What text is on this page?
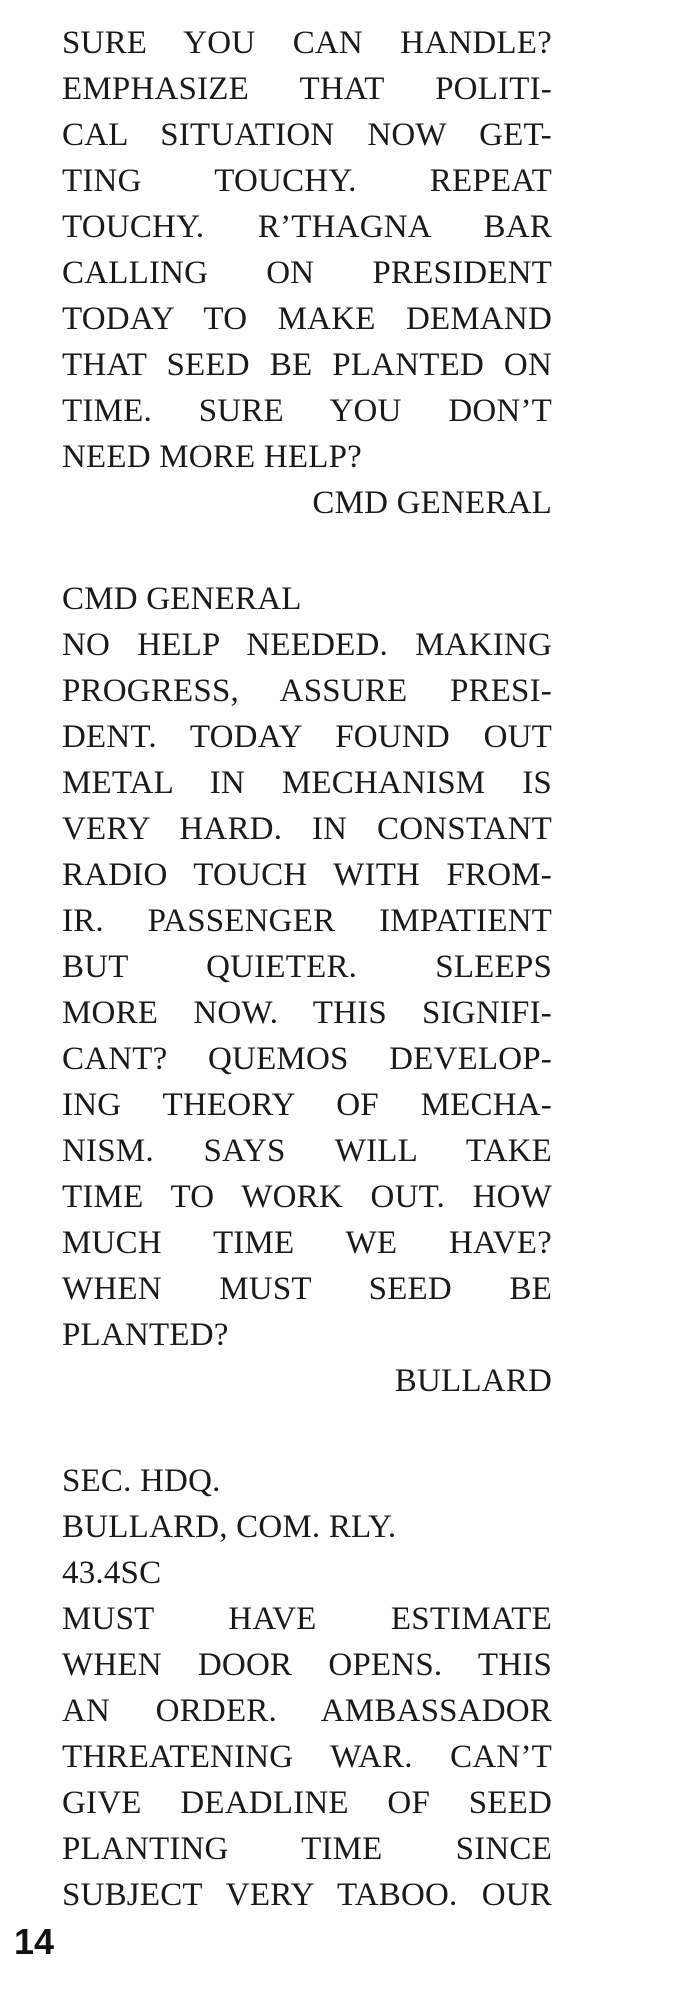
SURE YOU CAN HANDLE?
EMPHASIZE THAT POLITI-
CAL SITUATION NOW GET-
TING TOUCHY. REPEAT
TOUCHY. R’THAGNA BAR
CALLING ON PRESIDENT
TODAY TO MAKE DEMAND
THAT SEED BE PLANTED ON
TIME. SURE YOU DON’T
NEED MORE HELP?
CMD GENERAL
CMD GENERAL
NO HELP NEEDED. MAKING
PROGRESS, ASSURE PRESI-
DENT. TODAY FOUND OUT
METAL IN MECHANISM IS
VERY HARD. IN CONSTANT
RADIO TOUCH WITH FROM-
IR. PASSENGER IMPATIENT
BUT QUIETER. SLEEPS
MORE NOW. THIS SIGNIFI-
CANT? QUEMOS DEVELOP-
ING THEORY OF MECHA-
NISM. SAYS WILL TAKE
TIME TO WORK OUT. HOW
MUCH TIME WE HAVE?
WHEN MUST SEED BE
PLANTED?
BULLARD
SEC. HDQ.
BULLARD, COM. RLY.
43.4SC
MUST HAVE ESTIMATE
WHEN DOOR OPENS. THIS
AN ORDER. AMBASSADOR
THREATENING WAR. CAN’T
GIVE DEADLINE OF SEED
PLANTING TIME SINCE
SUBJECT VERY TABOO. OUR
14
